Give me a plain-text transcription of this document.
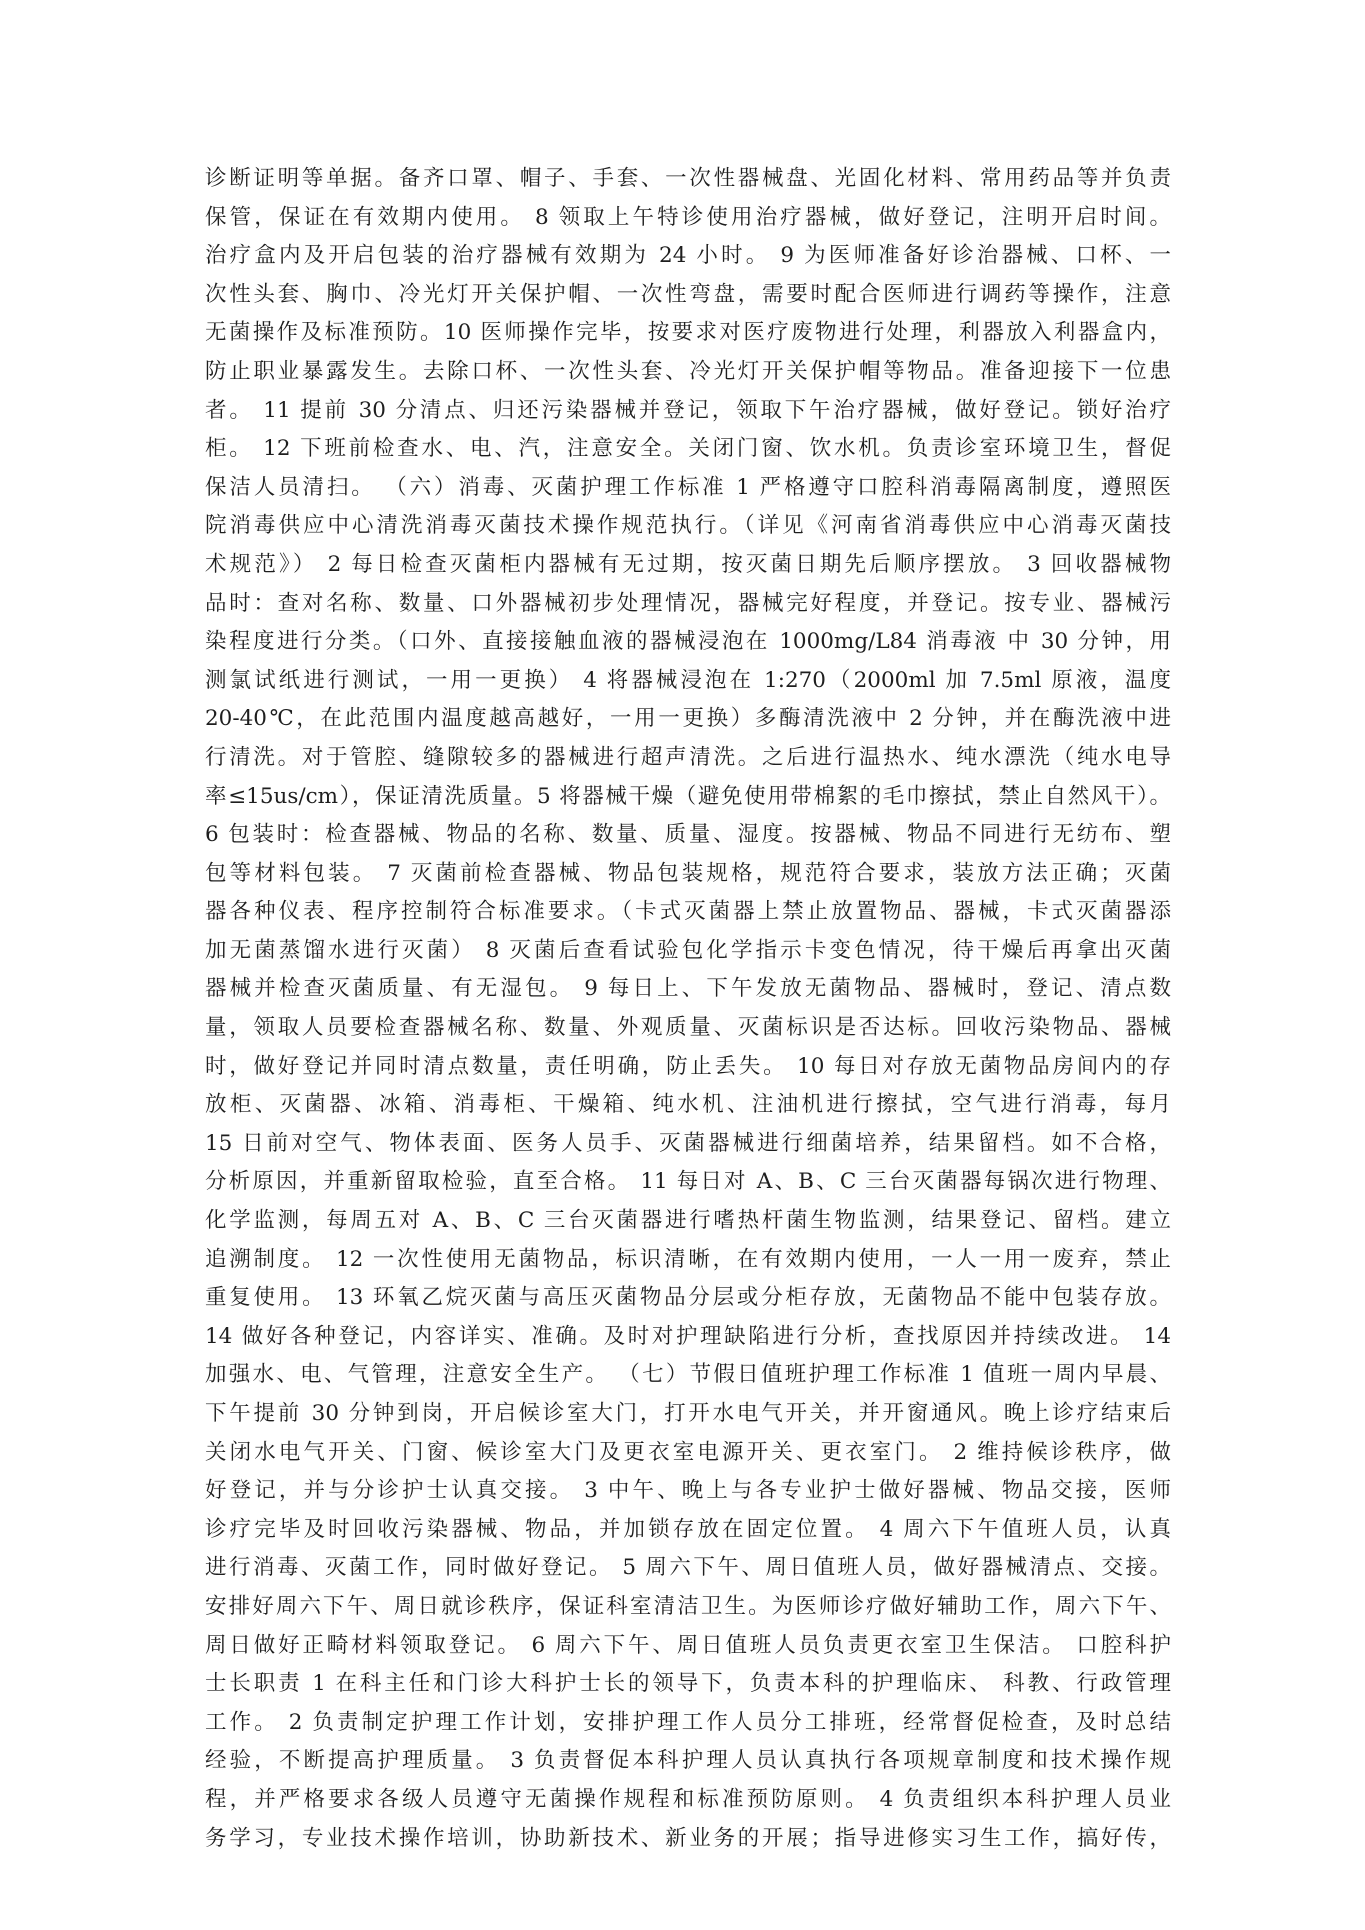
诊断证明等单据。备齐口罩、帽子、手套、一次性器械盘、光固化材料、常用药品等并负责
保管，保证在有效期内使用。 8 领取上午特诊使用治疗器械，做好登记，注明开启时间。
治疗盒内及开启包装的治疗器械有效期为 24 小时。 9 为医师准备好诊治器械、口杯、一
次性头套、胸巾、冷光灯开关保护帽、一次性弯盘，需要时配合医师进行调药等操作，注意
无菌操作及标准预防。10 医师操作完毕，按要求对医疗废物进行处理，利器放入利器盒内，
防止职业暴露发生。去除口杯、一次性头套、冷光灯开关保护帽等物品。准备迎接下一位患
者。 11 提前 30 分清点、归还污染器械并登记，领取下午治疗器械，做好登记。锁好治疗
柜。 12 下班前检查水、电、汽，注意安全。关闭门窗、饮水机。负责诊室环境卫生，督促
保洁人员清扫。 （六）消毒、灭菌护理工作标准 1 严格遵守口腔科消毒隔离制度，遵照医
院消毒供应中心清洗消毒灭菌技术操作规范执行。（详见《河南省消毒供应中心消毒灭菌技
术规范》） 2 每日检查灭菌柜内器械有无过期，按灭菌日期先后顺序摆放。 3 回收器械物
品时：查对名称、数量、口外器械初步处理情况，器械完好程度，并登记。按专业、器械污
染程度进行分类。（口外、直接接触血液的器械浸泡在 1000mg/L84 消毒液 中 30 分钟，用
测氯试纸进行测试，一用一更换） 4 将器械浸泡在 1:270（2000ml 加 7.5ml 原液，温度
20-40℃，在此范围内温度越高越好，一用一更换）多酶清洗液中 2 分钟，并在酶洗液中进
行清洗。对于管腔、缝隙较多的器械进行超声清洗。之后进行温热水、纯水漂洗（纯水电导
率≤15us/cm），保证清洗质量。5 将器械干燥（避免使用带棉絮的毛巾擦拭，禁止自然风干）。
6 包装时：检查器械、物品的名称、数量、质量、湿度。按器械、物品不同进行无纺布、塑
包等材料包装。 7 灭菌前检查器械、物品包装规格，规范符合要求，装放方法正确；灭菌
器各种仪表、程序控制符合标准要求。（卡式灭菌器上禁止放置物品、器械，卡式灭菌器添
加无菌蒸馏水进行灭菌） 8 灭菌后查看试验包化学指示卡变色情况，待干燥后再拿出灭菌
器械并检查灭菌质量、有无湿包。 9 每日上、下午发放无菌物品、器械时，登记、清点数
量，领取人员要检查器械名称、数量、外观质量、灭菌标识是否达标。回收污染物品、器械
时，做好登记并同时清点数量，责任明确，防止丢失。 10 每日对存放无菌物品房间内的存
放柜、灭菌器、冰箱、消毒柜、干燥箱、纯水机、注油机进行擦拭，空气进行消毒，每月
15 日前对空气、物体表面、医务人员手、灭菌器械进行细菌培养，结果留档。如不合格，
分析原因，并重新留取检验，直至合格。 11 每日对 A、B、C 三台灭菌器每锅次进行物理、
化学监测，每周五对 A、B、C 三台灭菌器进行嗜热杆菌生物监测，结果登记、留档。建立
追溯制度。 12 一次性使用无菌物品，标识清晰，在有效期内使用，一人一用一废弃，禁止
重复使用。 13 环氧乙烷灭菌与高压灭菌物品分层或分柜存放，无菌物品不能中包装存放。
14 做好各种登记，内容详实、准确。及时对护理缺陷进行分析，查找原因并持续改进。 14
加强水、电、气管理，注意安全生产。 （七）节假日值班护理工作标准 1 值班一周内早晨、
下午提前 30 分钟到岗，开启候诊室大门，打开水电气开关，并开窗通风。晚上诊疗结束后
关闭水电气开关、门窗、候诊室大门及更衣室电源开关、更衣室门。 2 维持候诊秩序，做
好登记，并与分诊护士认真交接。 3 中午、晚上与各专业护士做好器械、物品交接，医师
诊疗完毕及时回收污染器械、物品，并加锁存放在固定位置。 4 周六下午值班人员，认真
进行消毒、灭菌工作，同时做好登记。 5 周六下午、周日值班人员，做好器械清点、交接。
安排好周六下午、周日就诊秩序，保证科室清洁卫生。为医师诊疗做好辅助工作，周六下午、
周日做好正畸材料领取登记。 6 周六下午、周日值班人员负责更衣室卫生保洁。 口腔科护
士长职责 1 在科主任和门诊大科护士长的领导下，负责本科的护理临床、 科教、行政管理
工作。 2 负责制定护理工作计划，安排护理工作人员分工排班，经常督促检查，及时总结
经验，不断提高护理质量。 3 负责督促本科护理人员认真执行各项规章制度和技术操作规
程，并严格要求各级人员遵守无菌操作规程和标准预防原则。 4 负责组织本科护理人员业
务学习，专业技术操作培训，协助新技术、新业务的开展；指导进修实习生工作，搞好传，
